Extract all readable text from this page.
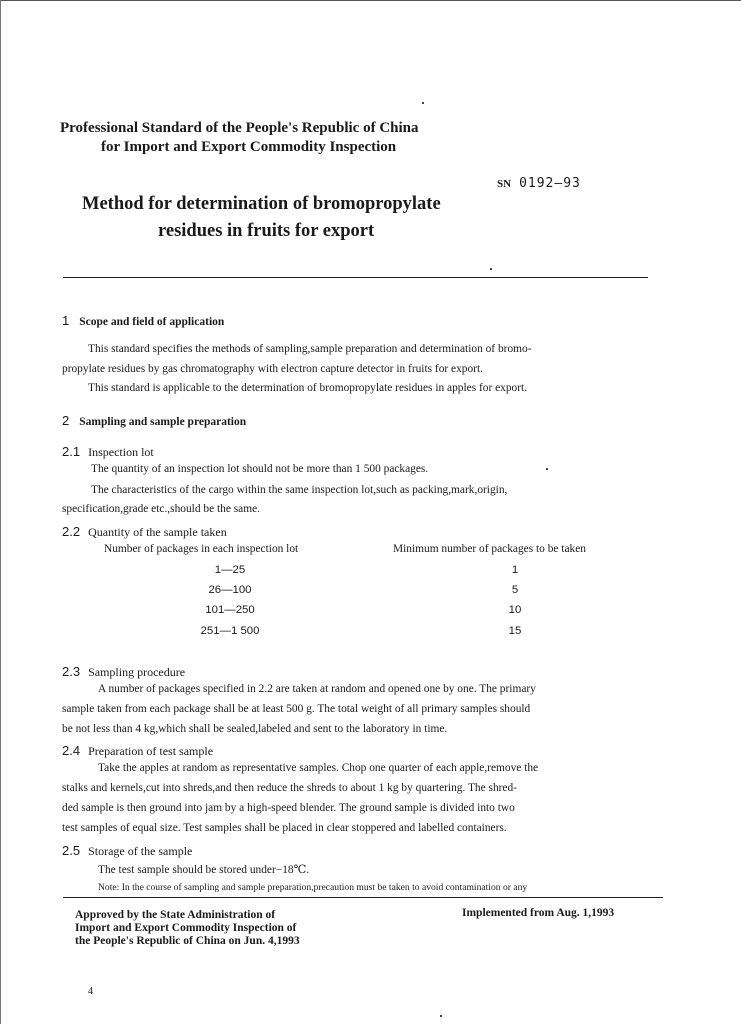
Professional Standard of the People's Republic of China
for Import and Export Commodity Inspection
SN 0192—93
Method for determination of bromopropylate
residues in fruits for export
1 Scope and field of application
This standard specifies the methods of sampling,sample preparation and determination of bromo-
propylate residues by gas chromatography with electron capture detector in fruits for export.
This standard is applicable to the determination of bromopropylate residues in apples for export.
2 Sampling and sample preparation
2.1 Inspection lot
The quantity of an inspection lot should not be more than 1 500 packages.
The characteristics of the cargo within the same inspection lot,such as packing,mark,origin,
specification,grade etc.,should be the same.
2.2 Quantity of the sample taken
Number of packages in each inspection lot	Minimum number of packages to be taken
1—25	1
26—100	5
101—250	10
251—1 500	15
2.3 Sampling procedure
A number of packages specified in 2.2 are taken at random and opened one by one. The primary
sample taken from each package shall be at least 500 g. The total weight of all primary samples should
be not less than 4 kg,which shall be sealed,labeled and sent to the laboratory in time.
2.4 Preparation of test sample
Take the apples at random as representative samples. Chop one quarter of each apple,remove the
stalks and kernels,cut into shreds,and then reduce the shreds to about 1 kg by quartering. The shred-
ded sample is then ground into jam by a high-speed blender. The ground sample is divided into two
test samples of equal size. Test samples shall be placed in clear stoppered and labelled containers.
2.5 Storage of the sample
The test sample should be stored under−18℃.
Note: In the course of sampling and sample preparation,precaution must be taken to avoid contamination or any
Approved by the State Administration of
Import and Export Commodity Inspection of
the People's Republic of China on Jun. 4,1993
Implemented from Aug. 1,1993
4
